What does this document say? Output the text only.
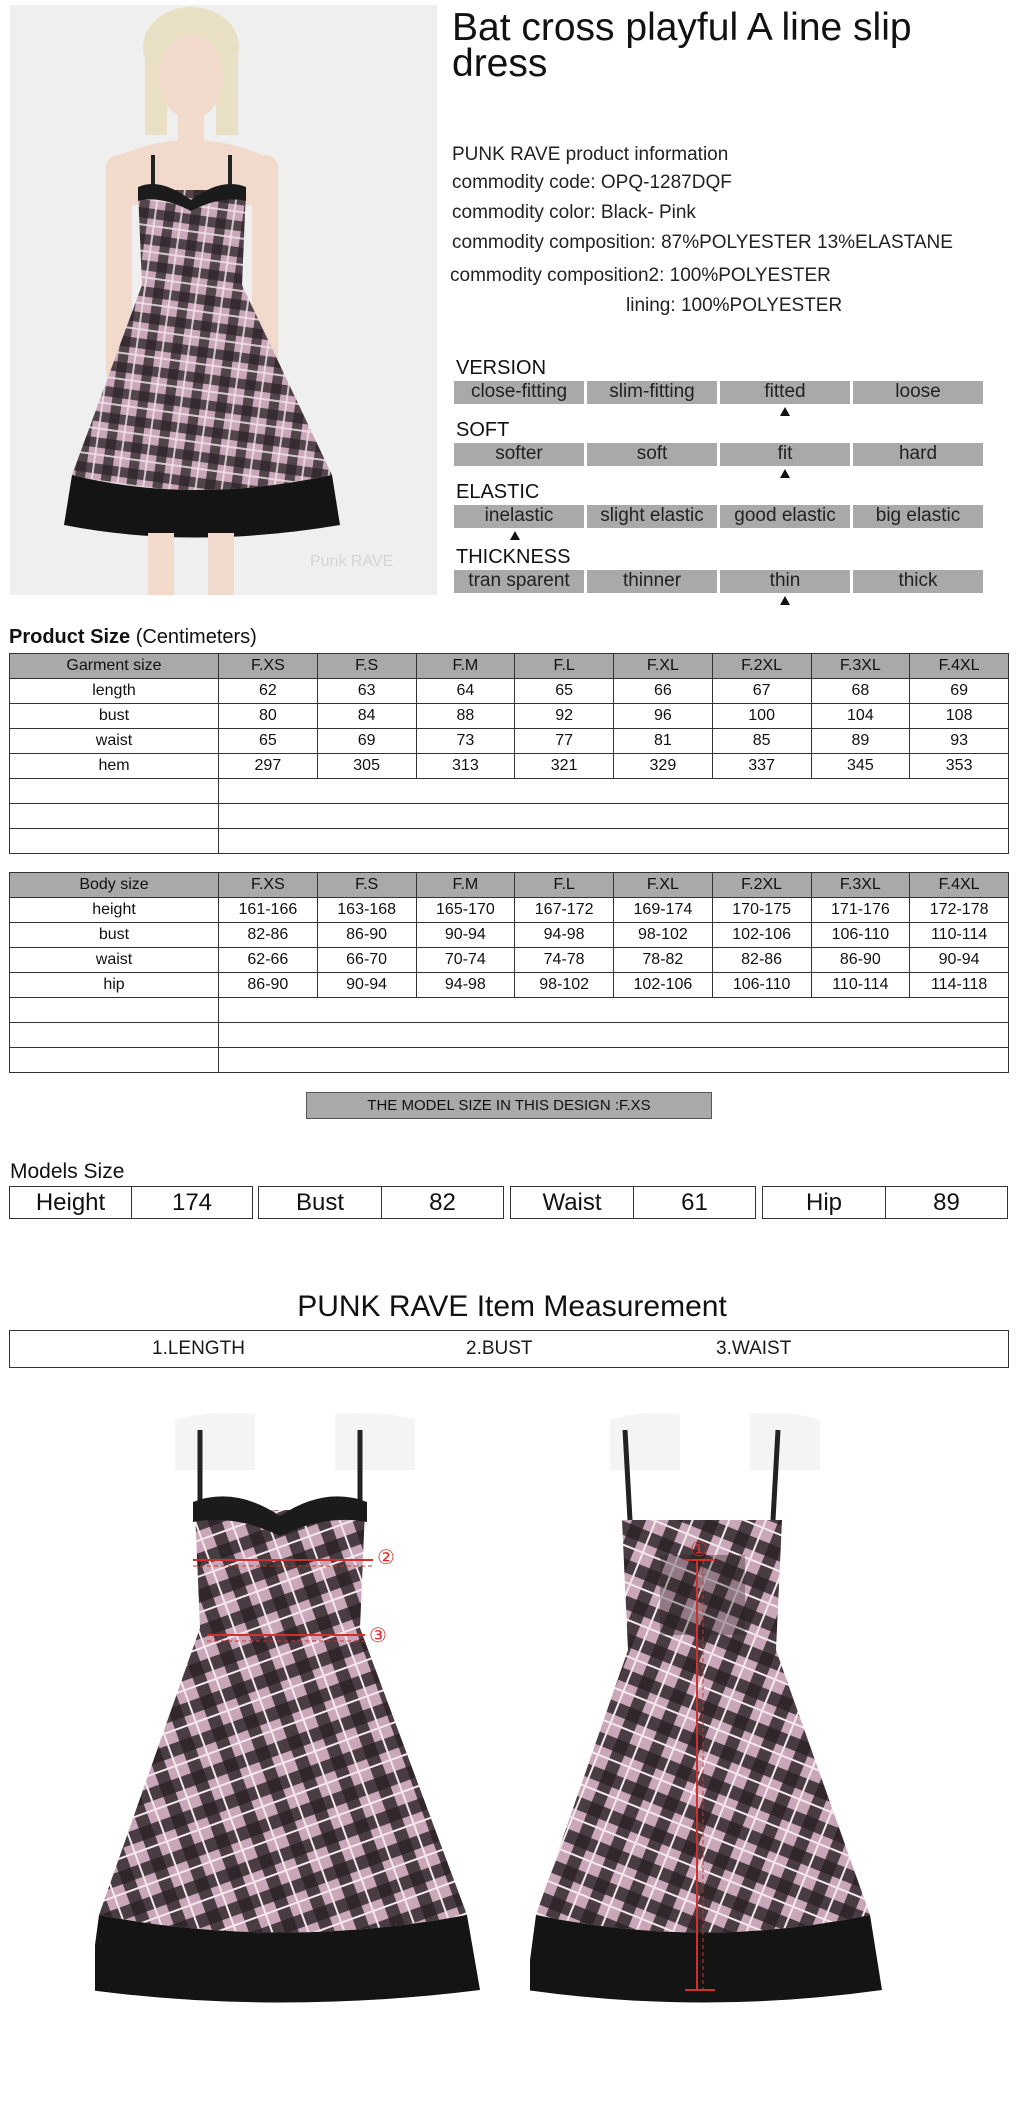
Punk RAVE
Bat cross playful A line slip dress
PUNK RAVE product information
commodity code: OPQ-1287DQF
commodity color: Black- Pink
commodity composition: 87%POLYESTER 13%ELASTANE
commodity composition2: 100%POLYESTER
lining: 100%POLYESTER
VERSION
close-fitting	slim-fitting	fitted	loose
SOFT
softer	soft	fit	hard
ELASTIC
inelastic	slight elastic	good elastic	big elastic
THICKNESS
tran sparent	thinner	thin	thick
Product Size (Centimeters)
Garment size	F.XS	F.S	F.M	F.L	F.XL	F.2XL	F.3XL	F.4XL
length	62	63	64	65	66	67	68	69
bust	80	84	88	92	96	100	104	108
waist	65	69	73	77	81	85	89	93
hem	297	305	313	321	329	337	345	353

Body size	F.XS	F.S	F.M	F.L	F.XL	F.2XL	F.3XL	F.4XL
height	161-166	163-168	165-170	167-172	169-174	170-175	171-176	172-178
bust	82-86	86-90	90-94	94-98	98-102	102-106	106-110	110-114
waist	62-66	66-70	70-74	74-78	78-82	82-86	86-90	90-94
hip	86-90	90-94	94-98	98-102	102-106	106-110	110-114	114-118

THE MODEL SIZE IN THIS DESIGN :F.XS
Models Size
Height	174	Bust	82	Waist	61	Hip	89
PUNK RAVE Item Measurement
1.LENGTH	2.BUST	3.WAIST
②
③
①
